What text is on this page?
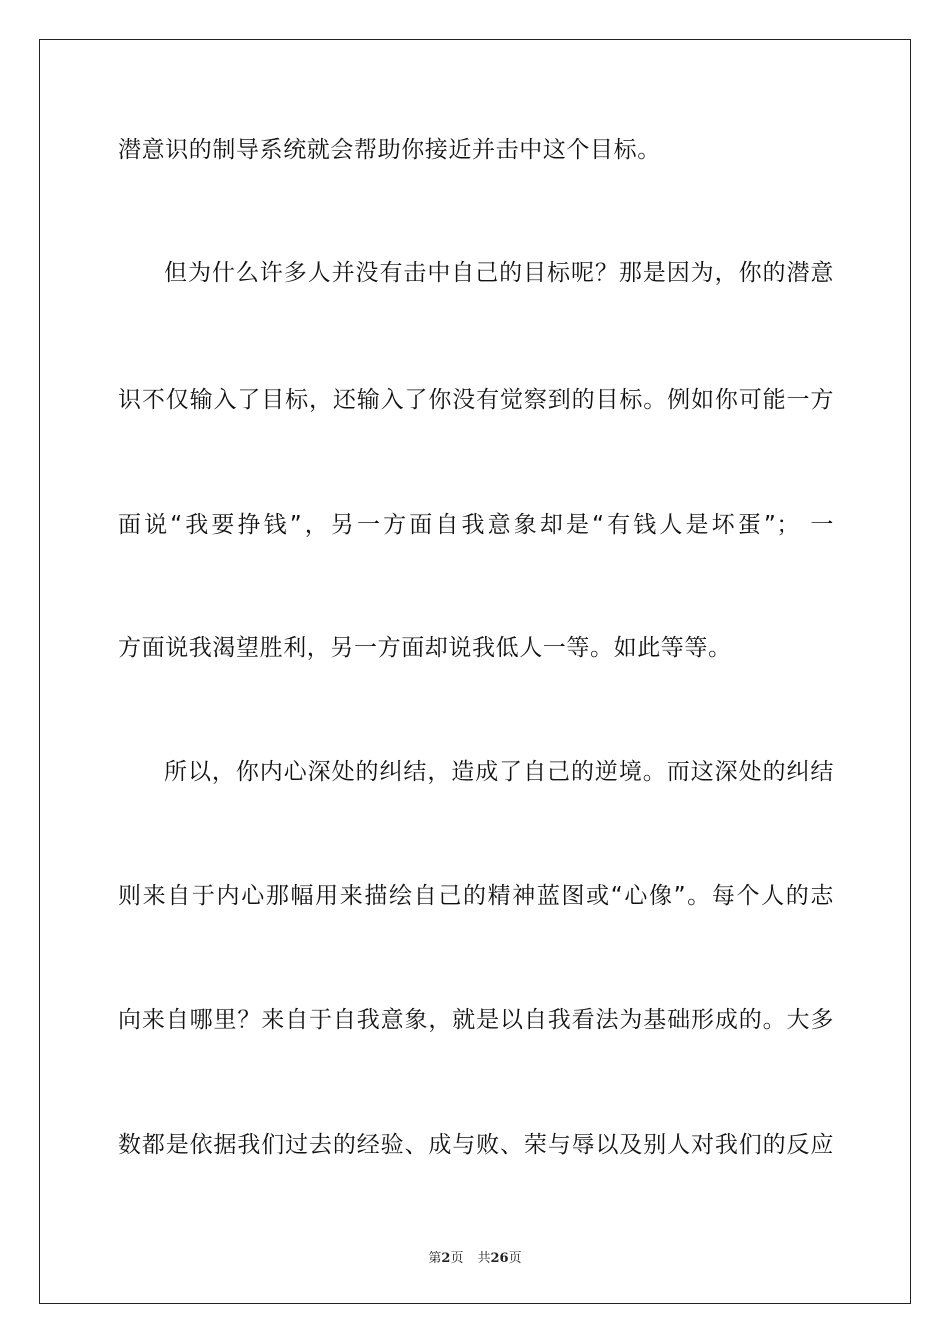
潜意识的制导系统就会帮助你接近并击中这个目标。
但为什么许多人并没有击中自己的目标呢？那是因为，你的潜意
识不仅输入了目标，还输入了你没有觉察到的目标。例如你可能一方
面说“我要挣钱”，另一方面自我意象却是“有钱人是坏蛋”； 一
方面说我渴望胜利，另一方面却说我低人一等。如此等等。
所以，你内心深处的纠结，造成了自己的逆境。而这深处的纠结
则来自于内心那幅用来描绘自己的精神蓝图或“心像”。每个人的志
向来自哪里？来自于自我意象，就是以自我看法为基础形成的。大多
数都是依据我们过去的经验、成与败、荣与辱以及别人对我们的反应
第2页 共26页
